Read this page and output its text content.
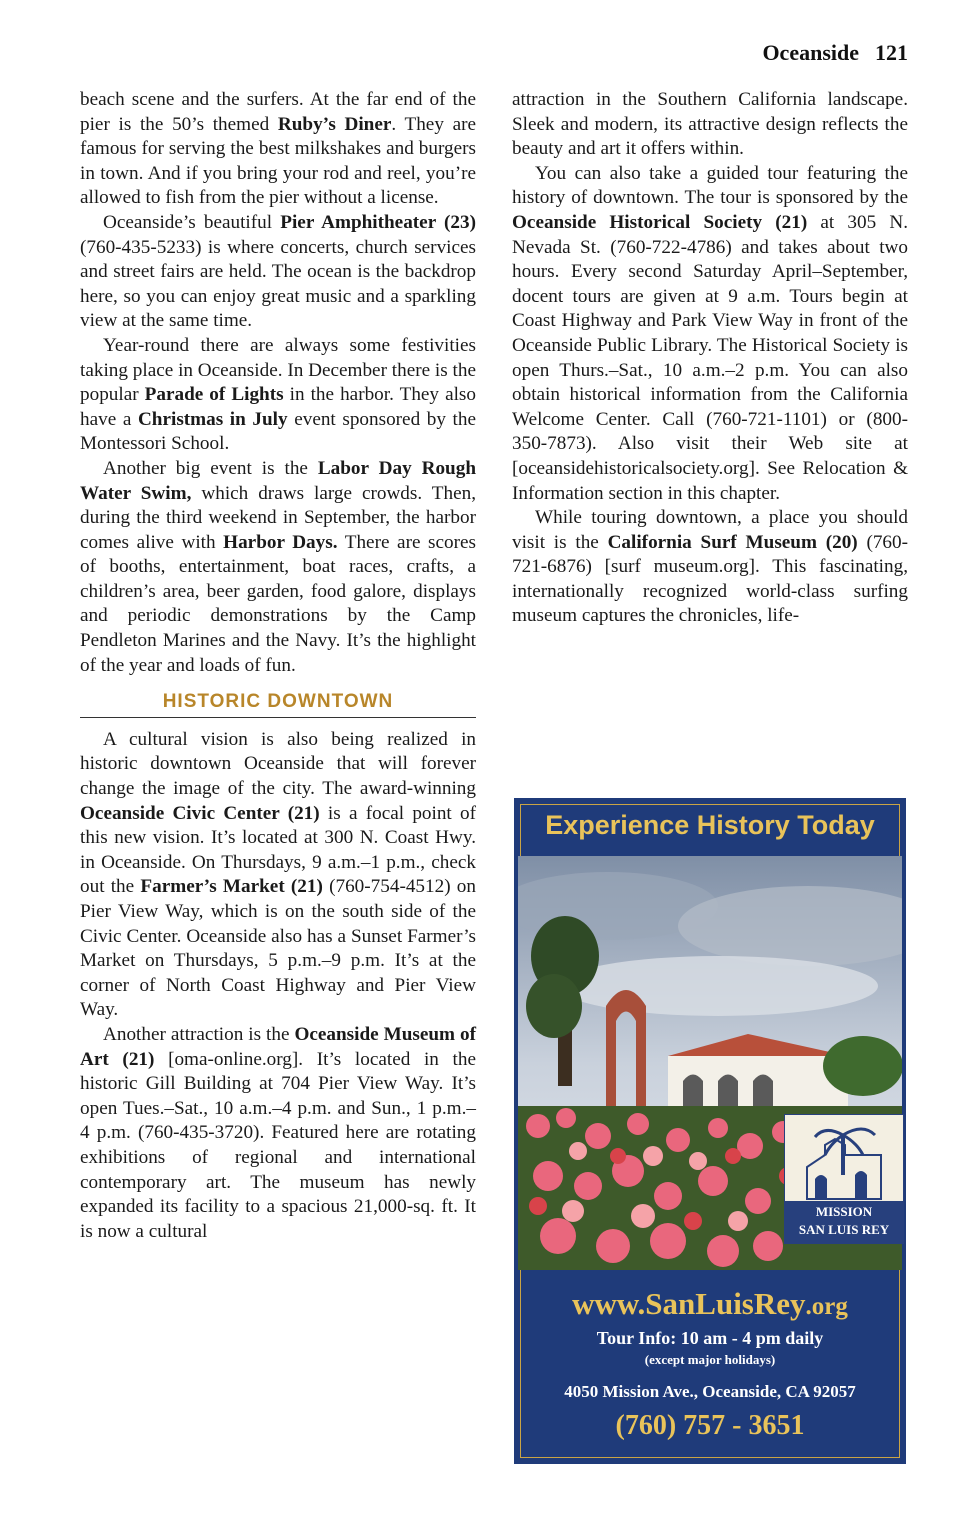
Oceanside 121

beach scene and the surfers. At the far end of the pier is the 50’s themed Ruby’s Diner. They are famous for serving the best milkshakes and burgers in town. And if you bring your rod and reel, you’re allowed to fish from the pier without a license.

Oceanside’s beautiful Pier Amphitheater (23) (760-435-5233) is where concerts, church services and street fairs are held. The ocean is the backdrop here, so you can enjoy great music and a sparkling view at the same time.

Year-round there are always some festivities taking place in Oceanside. In December there is the popular Parade of Lights in the harbor. They also have a Christmas in July event sponsored by the Montessori School.

Another big event is the Labor Day Rough Water Swim, which draws large crowds. Then, during the third weekend in September, the harbor comes alive with Harbor Days. There are scores of booths, entertainment, boat races, crafts, a children’s area, beer garden, food galore, displays and periodic demonstrations by the Camp Pendleton Marines and the Navy. It’s the highlight of the year and loads of fun.

HISTORIC DOWNTOWN

A cultural vision is also being realized in historic downtown Oceanside that will forever change the image of the city. The award-winning Oceanside Civic Center (21) is a focal point of this new vision. It’s located at 300 N. Coast Hwy. in Oceanside. On Thursdays, 9 a.m.–1 p.m., check out the Farmer’s Market (21) (760-754-4512) on Pier View Way, which is on the south side of the Civic Center. Oceanside also has a Sunset Farmer’s Market on Thursdays, 5 p.m.–9 p.m. It’s at the corner of North Coast Highway and Pier View Way.

Another attraction is the Oceanside Museum of Art (21) [oma-online.org]. It’s located in the historic Gill Building at 704 Pier View Way. It’s open Tues.–Sat., 10 a.m.–4 p.m. and Sun., 1 p.m.–4 p.m. (760-435-3720). Featured here are rotating exhibitions of regional and international contemporary art. The museum has newly expanded its facility to a spacious 21,000-sq. ft. It is now a cultural

attraction in the Southern California landscape. Sleek and modern, its attractive design reflects the beauty and art it offers within.

You can also take a guided tour featuring the history of downtown. The tour is sponsored by the Oceanside Historical Society (21) at 305 N. Nevada St. (760-722-4786) and takes about two hours. Every second Saturday April–September, docent tours are given at 9 a.m. Tours begin at Coast Highway and Park View Way in front of the Oceanside Public Library. The Historical Society is open Thurs.–Sat., 10 a.m.–2 p.m. You can also obtain historical information from the California Welcome Center. Call (760-721-1101) or (800-350-7873). Also visit their Web site at [oceansidehistoricalsociety.org]. See Relocation & Information section in this chapter.

While touring downtown, a place you should visit is the California Surf Museum (20) (760-721-6876) [surf museum.org]. This fascinating, internationally recognized world-class surfing museum captures the chronicles, life-

Experience History Today
MISSION
SAN LUIS REY
www.SanLuisRey.org
Tour Info: 10 am - 4 pm daily
(except major holidays)
4050 Mission Ave., Oceanside, CA 92057
(760) 757 - 3651
